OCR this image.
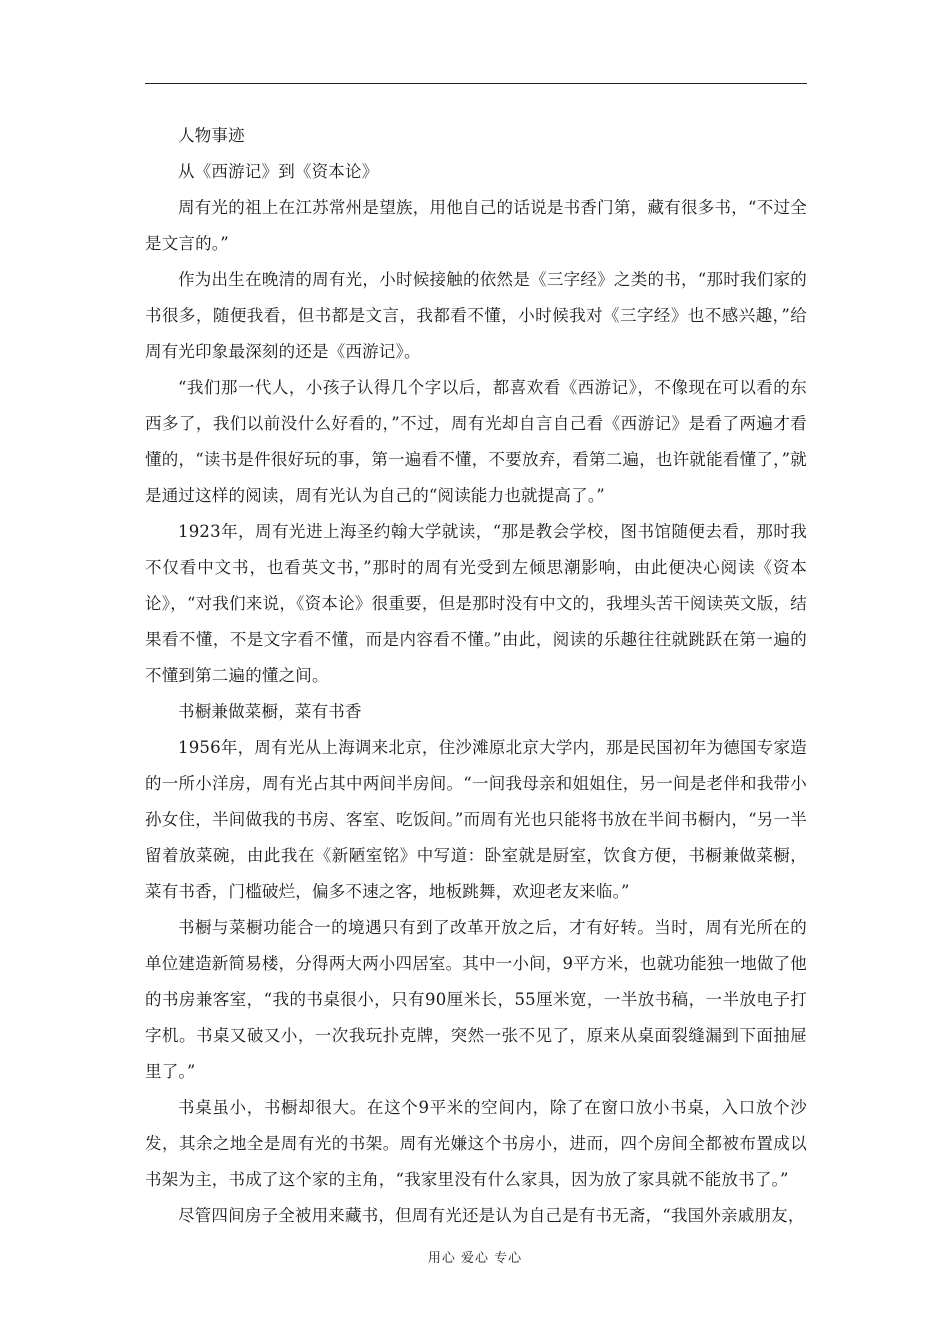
人物事迹

从《西游记》到《资本论》

周有光的祖上在江苏常州是望族，用他自己的话说是书香门第，藏有很多书，“不过全是文言的。”

作为出生在晚清的周有光，小时候接触的依然是《三字经》之类的书，“那时我们家的书很多，随便我看，但书都是文言，我都看不懂，小时候我对《三字经》也不感兴趣，”给周有光印象最深刻的还是《西游记》。

“我们那一代人，小孩子认得几个字以后，都喜欢看《西游记》，不像现在可以看的东西多了，我们以前没什么好看的，”不过，周有光却自言自己看《西游记》是看了两遍才看懂的，“读书是件很好玩的事，第一遍看不懂，不要放弃，看第二遍，也许就能看懂了，”就是通过这样的阅读，周有光认为自己的“阅读能力也就提高了。”

1923年，周有光进上海圣约翰大学就读，“那是教会学校，图书馆随便去看，那时我不仅看中文书，也看英文书，”那时的周有光受到左倾思潮影响，由此便决心阅读《资本论》，“对我们来说，《资本论》很重要，但是那时没有中文的，我埋头苦干阅读英文版，结果看不懂，不是文字看不懂，而是内容看不懂。”由此，阅读的乐趣往往就跳跃在第一遍的不懂到第二遍的懂之间。

书橱兼做菜橱，菜有书香

1956年，周有光从上海调来北京，住沙滩原北京大学内，那是民国初年为德国专家造的一所小洋房，周有光占其中两间半房间。“一间我母亲和姐姐住，另一间是老伴和我带小孙女住，半间做我的书房、客室、吃饭间。”而周有光也只能将书放在半间书橱内，“另一半留着放菜碗，由此我在《新陋室铭》中写道：卧室就是厨室，饮食方便，书橱兼做菜橱，菜有书香，门槛破烂，偏多不速之客，地板跳舞，欢迎老友来临。”

书橱与菜橱功能合一的境遇只有到了改革开放之后，才有好转。当时，周有光所在的单位建造新简易楼，分得两大两小四居室。其中一小间，9平方米，也就功能独一地做了他的书房兼客室，“我的书桌很小，只有90厘米长，55厘米宽，一半放书稿，一半放电子打字机。书桌又破又小，一次我玩扑克牌，突然一张不见了，原来从桌面裂缝漏到下面抽屉里了。”

书桌虽小，书橱却很大。在这个9平米的空间内，除了在窗口放小书桌，入口放个沙发，其余之地全是周有光的书架。周有光嫌这个书房小，进而，四个房间全都被布置成以书架为主，书成了这个家的主角，“我家里没有什么家具，因为放了家具就不能放书了。”

尽管四间房子全被用来藏书，但周有光还是认为自己是有书无斋，“我国外亲戚朋友，

用心 爱心 专心
